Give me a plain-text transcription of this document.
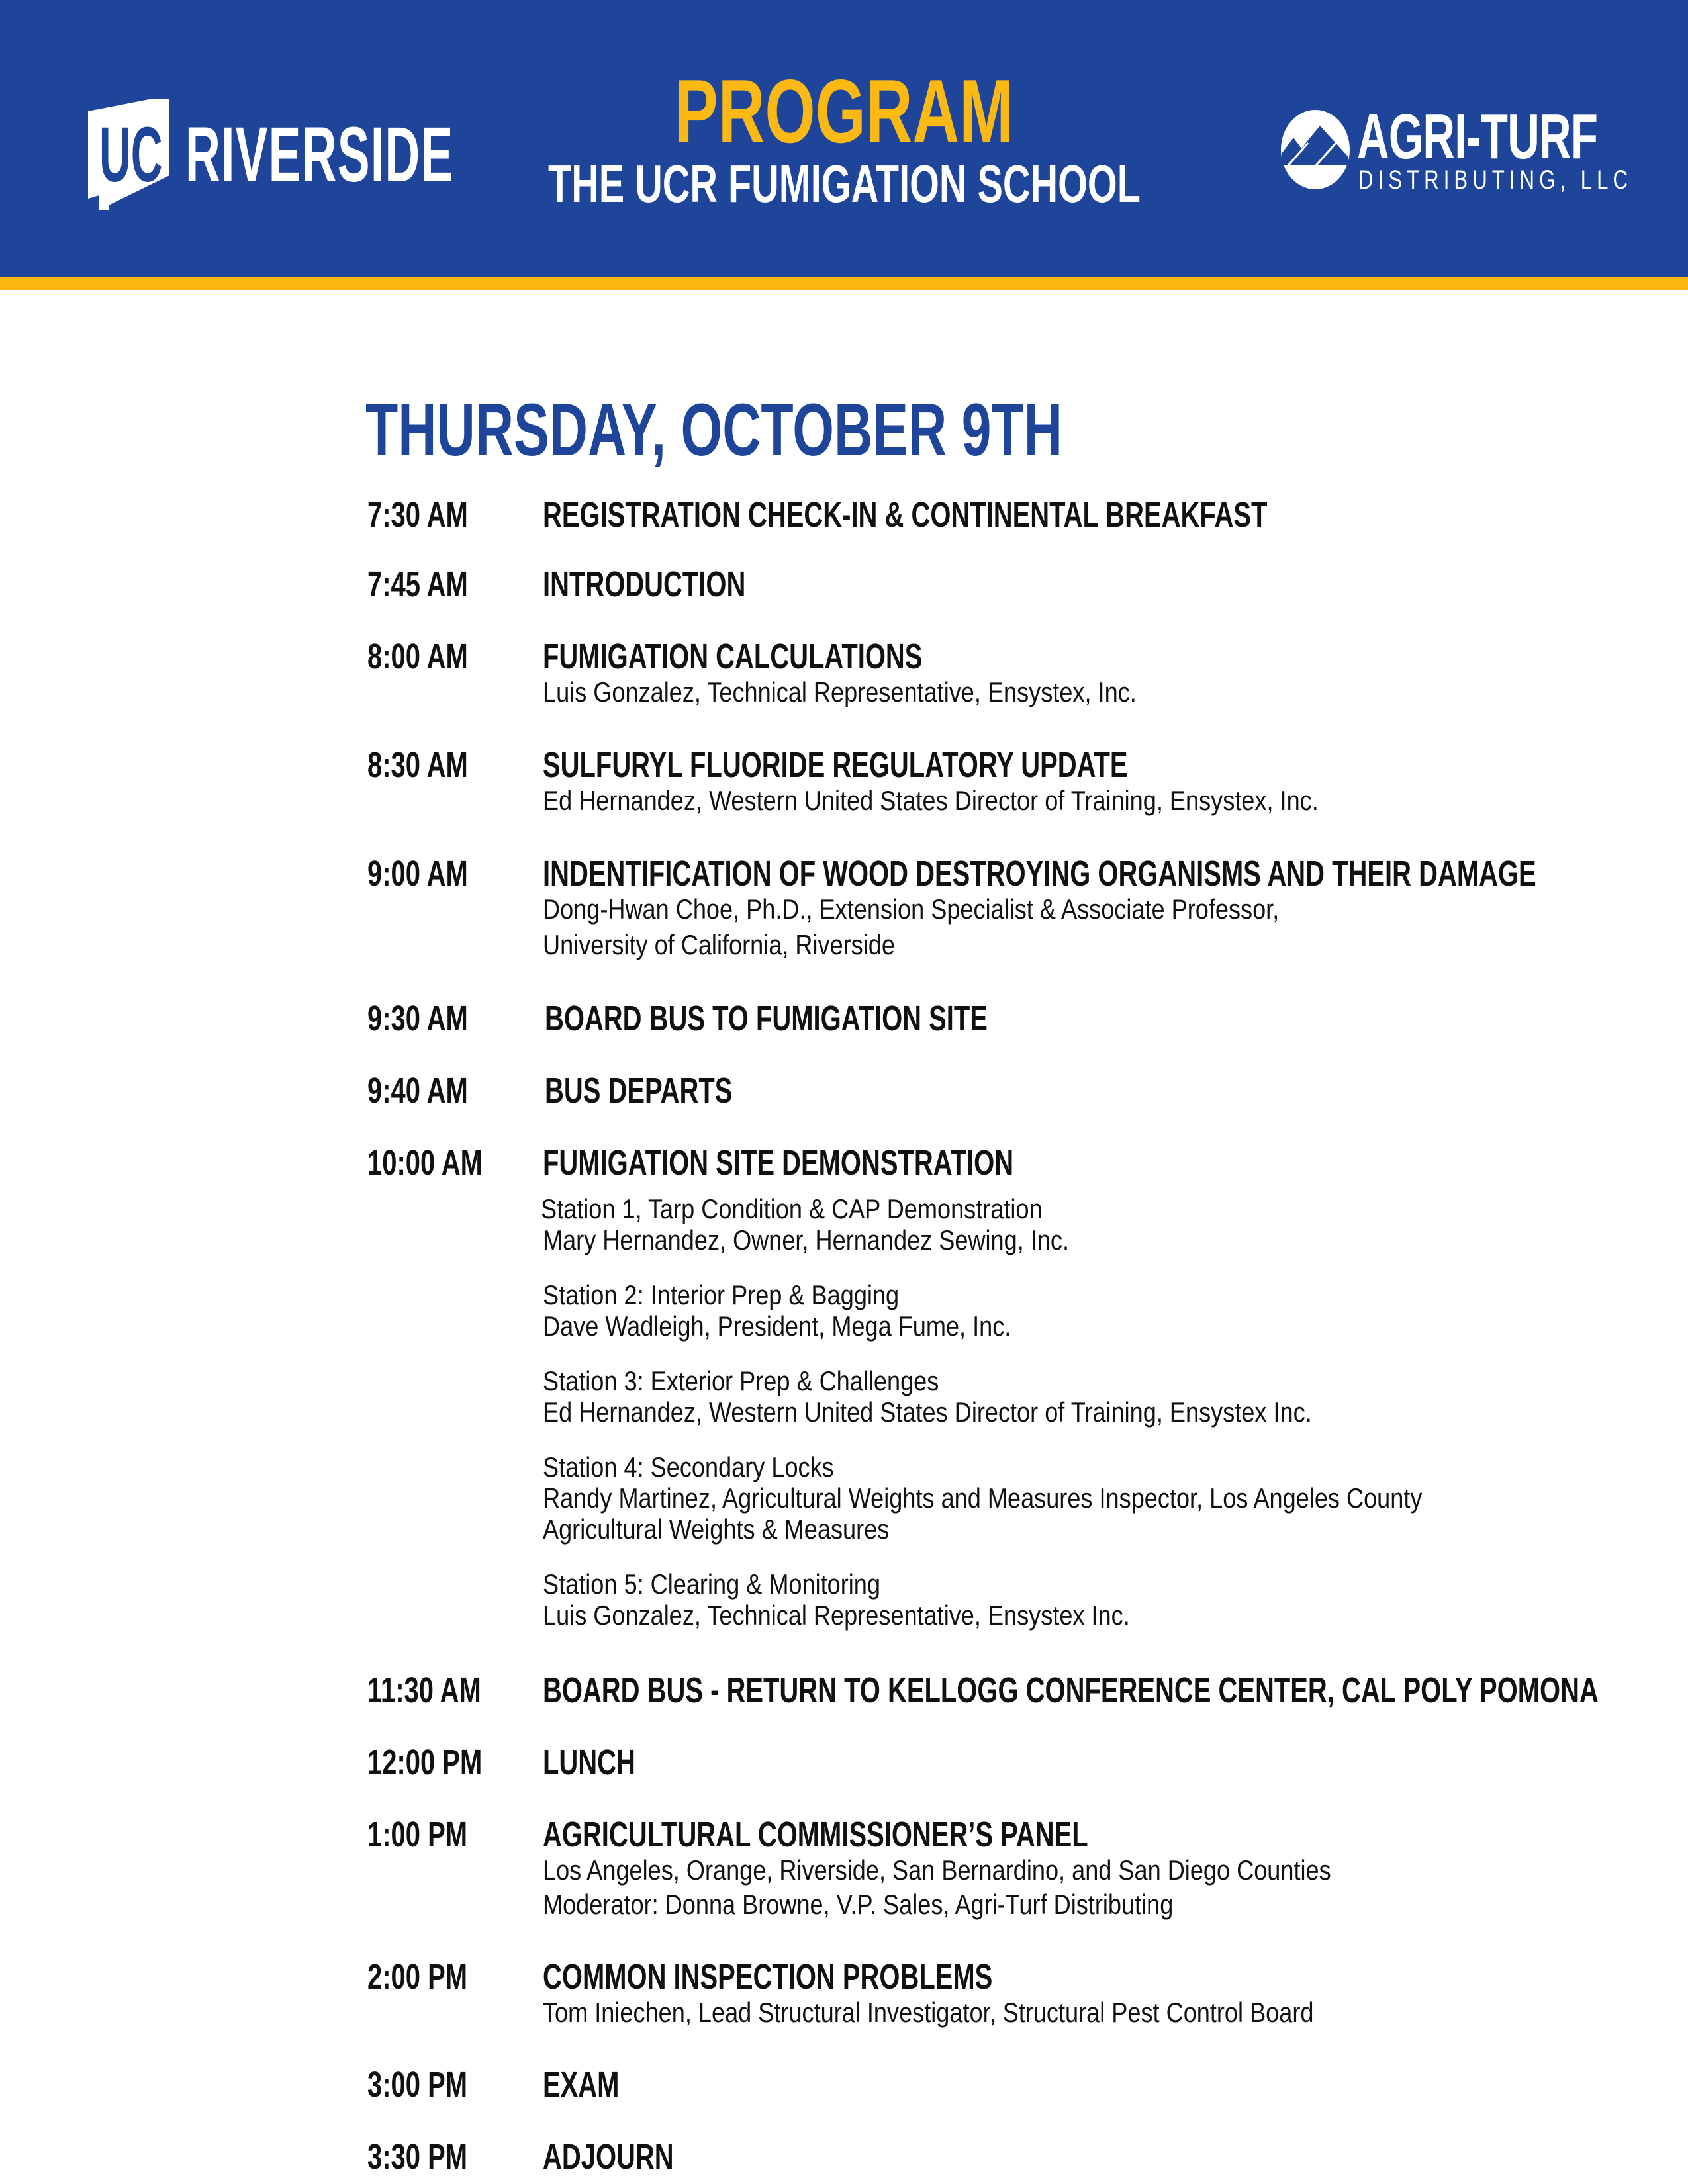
UC RIVERSIDE	PROGRAM
THE UCR FUMIGATION SCHOOL
AGRI-TURF
DISTRIBUTING, LLC
THURSDAY, OCTOBER 9TH
7:30 AM REGISTRATION CHECK-IN & CONTINENTAL BREAKFAST
7:45 AM INTRODUCTION
8:00 AM FUMIGATION CALCULATIONS
Luis Gonzalez, Technical Representative, Ensystex, Inc.
8:30 AM SULFURYL FLUORIDE REGULATORY UPDATE
Ed Hernandez, Western United States Director of Training, Ensystex, Inc.
9:00 AM INDENTIFICATION OF WOOD DESTROYING ORGANISMS AND THEIR DAMAGE
Dong-Hwan Choe, Ph.D., Extension Specialist & Associate Professor,
University of California, Riverside
9:30 AM BOARD BUS TO FUMIGATION SITE
9:40 AM BUS DEPARTS
10:00 AM FUMIGATION SITE DEMONSTRATION
Station 1, Tarp Condition & CAP Demonstration
Mary Hernandez, Owner, Hernandez Sewing, Inc.
Station 2: Interior Prep & Bagging
Dave Wadleigh, President, Mega Fume, Inc.
Station 3: Exterior Prep & Challenges
Ed Hernandez, Western United States Director of Training, Ensystex Inc.
Station 4: Secondary Locks
Randy Martinez, Agricultural Weights and Measures Inspector, Los Angeles County
Agricultural Weights & Measures
Station 5: Clearing & Monitoring
Luis Gonzalez, Technical Representative, Ensystex Inc.
11:30 AM BOARD BUS - RETURN TO KELLOGG CONFERENCE CENTER, CAL POLY POMONA
12:00 PM LUNCH
1:00 PM AGRICULTURAL COMMISSIONER’S PANEL
Los Angeles, Orange, Riverside, San Bernardino, and San Diego Counties
Moderator: Donna Browne, V.P. Sales, Agri-Turf Distributing
2:00 PM COMMON INSPECTION PROBLEMS
Tom Iniechen, Lead Structural Investigator, Structural Pest Control Board
3:00 PM EXAM
3:30 PM ADJOURN
